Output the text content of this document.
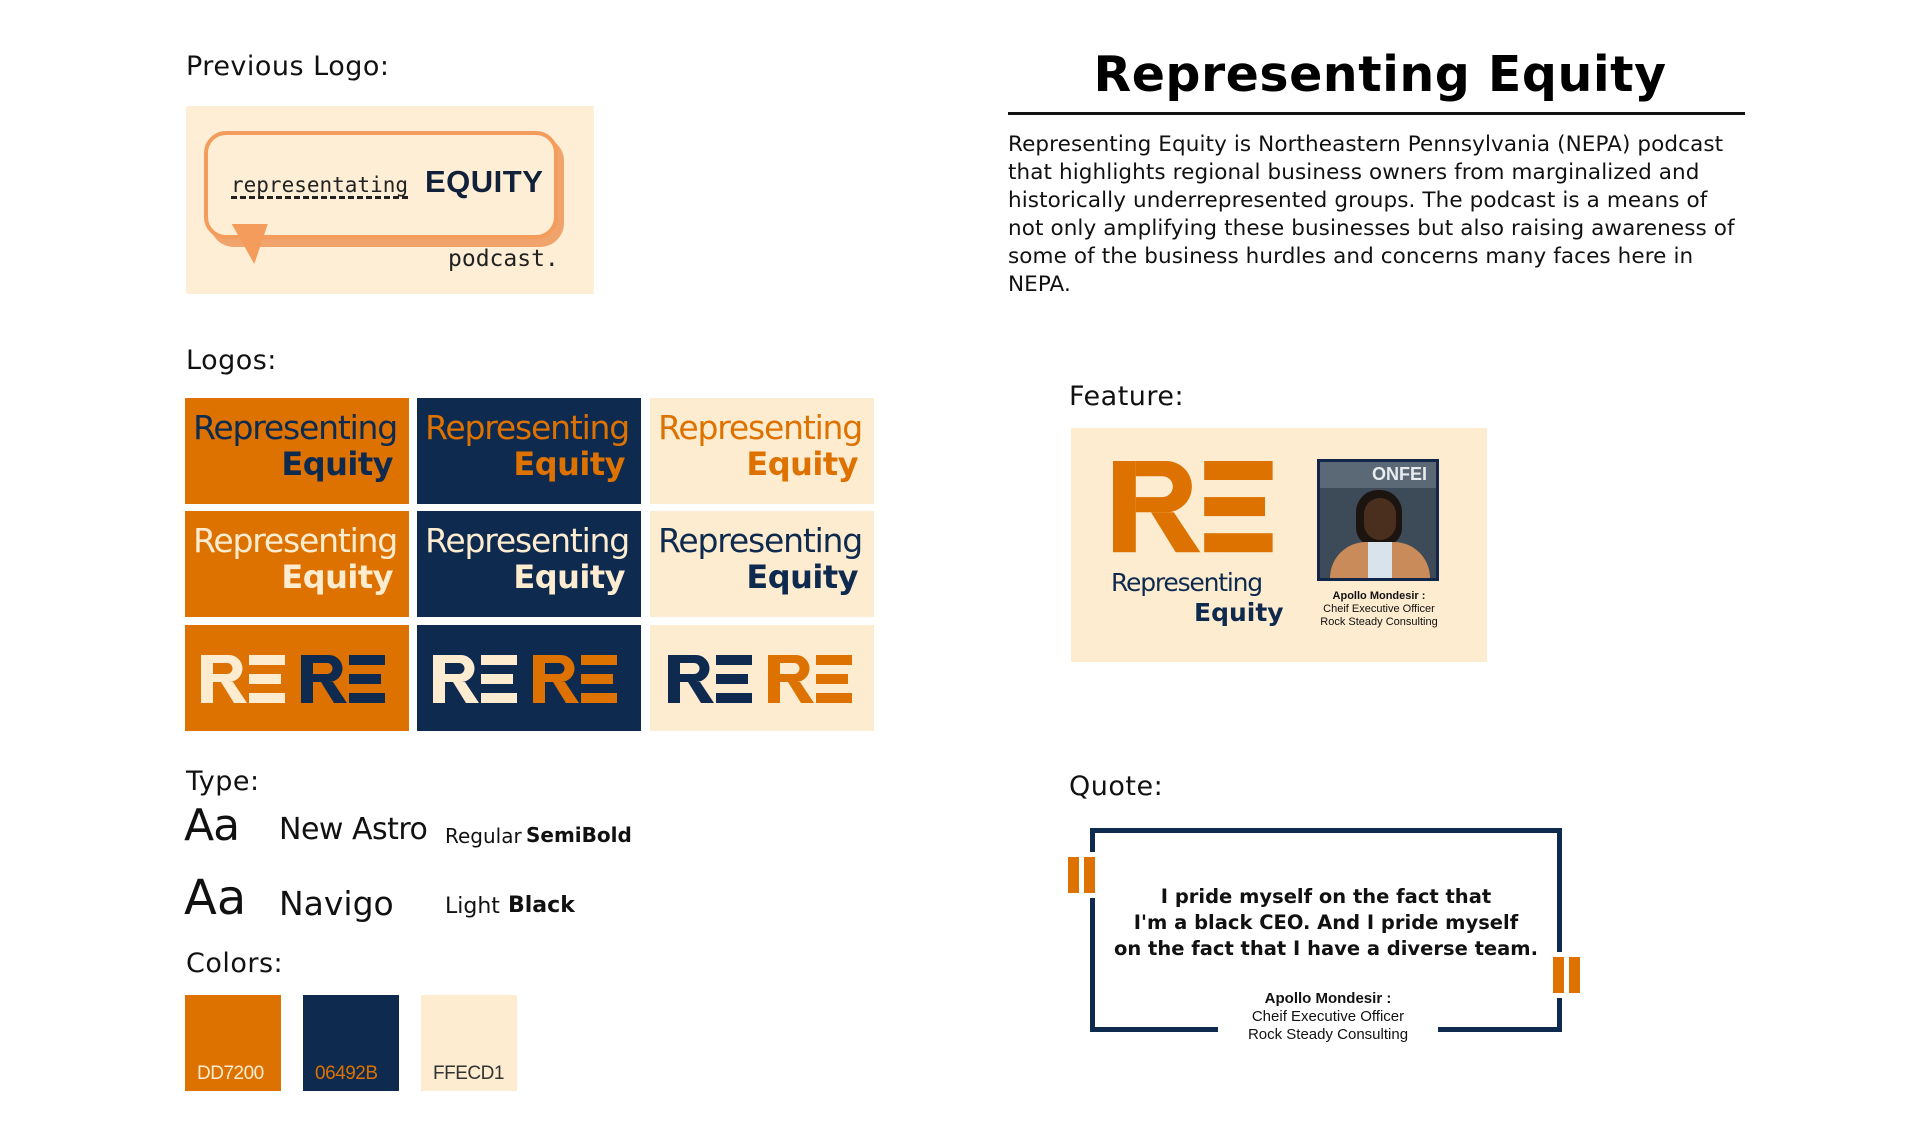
Previous Logo:
representating EQUITY
podcast.
Logos:
Representing
Equity
Representing
Equity
Representing
Equity
Representing
Equity
Representing
Equity
Representing
Equity
Type:
Aa New Astro Regular SemiBold
Aa Navigo Light Black
Colors:
DD7200	06492B	FFECD1
Representing Equity
Representing Equity is Northeastern Pennsylvania (NEPA) podcast that highlights regional business owners from marginalized and historically underrepresented groups. The podcast is a means of not only amplifying these businesses but also raising awareness of some of the business hurdles and concerns many faces here in NEPA.
Feature:
Representing
Equity
ONFEI
Apollo Mondesir :
Cheif Executive Officer
Rock Steady Consulting
Quote:
I pride myself on the fact that
I'm a black CEO. And I pride myself
on the fact that I have a diverse team.
Apollo Mondesir :
Cheif Executive Officer
Rock Steady Consulting
